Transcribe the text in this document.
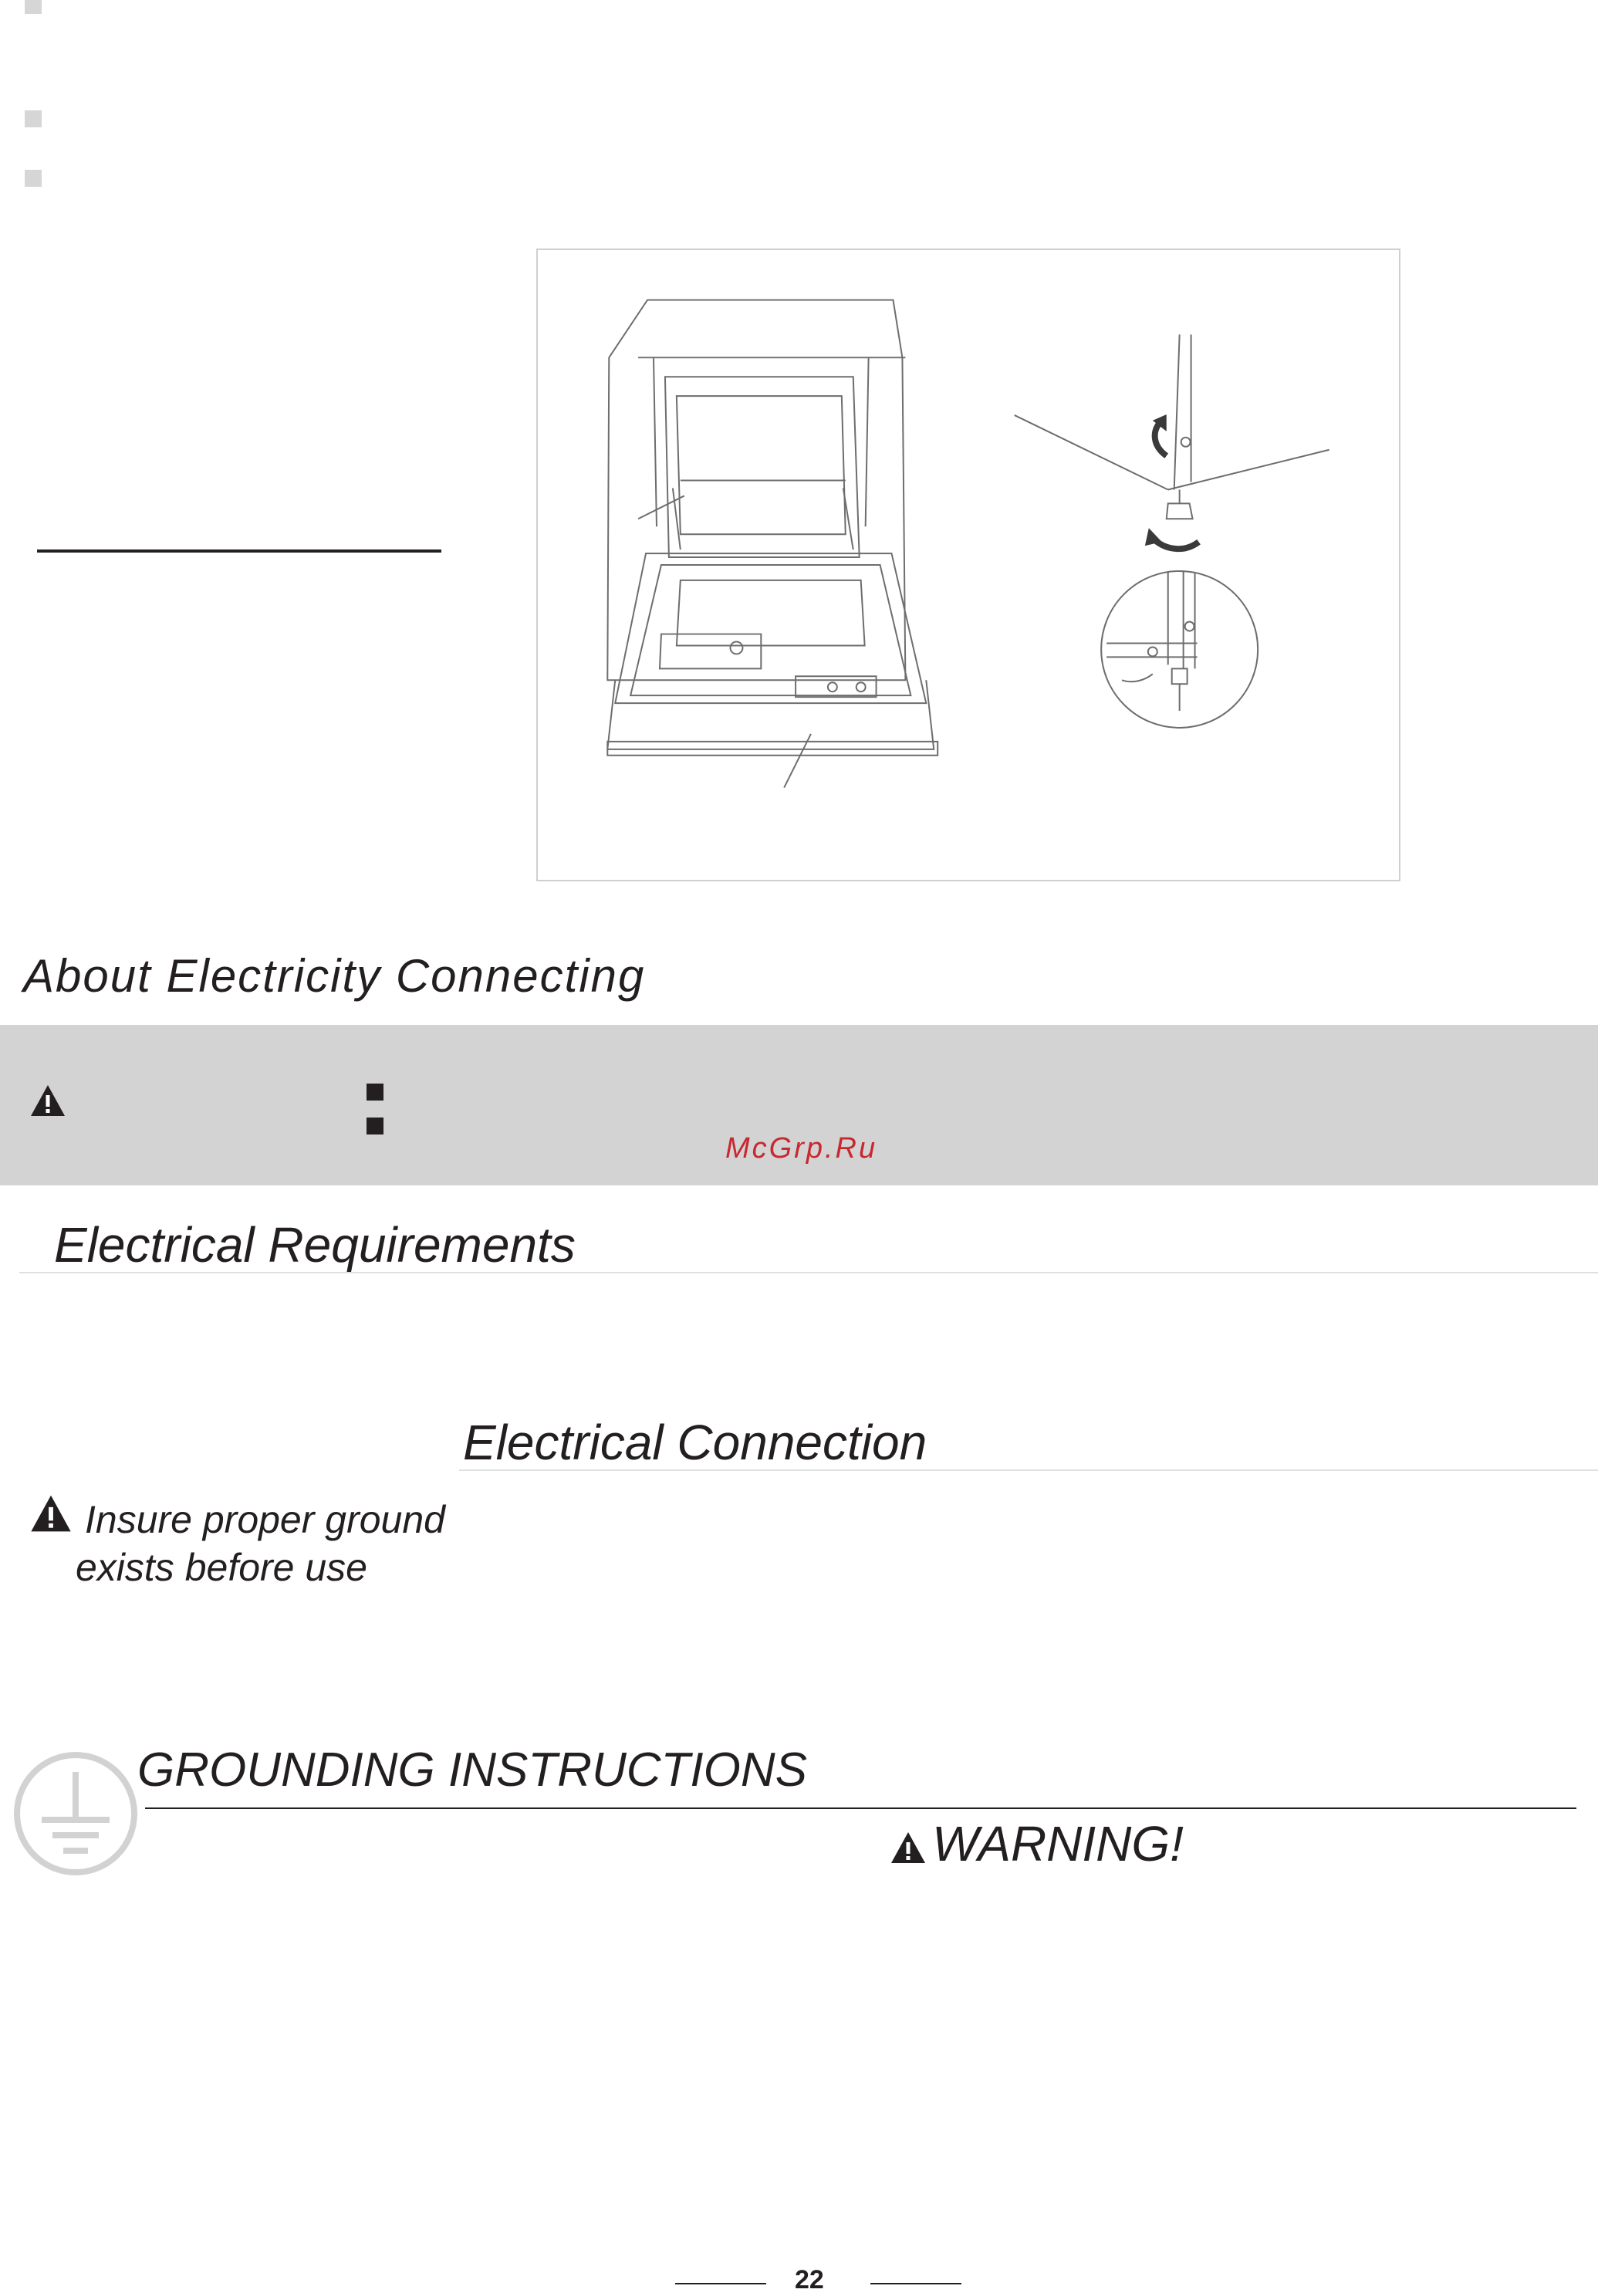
About Electricity Connecting
McGrp.Ru
Electrical Requirements
Electrical Connection
Insure proper ground
exists before use
GROUNDING INSTRUCTIONS
WARNING!
22
